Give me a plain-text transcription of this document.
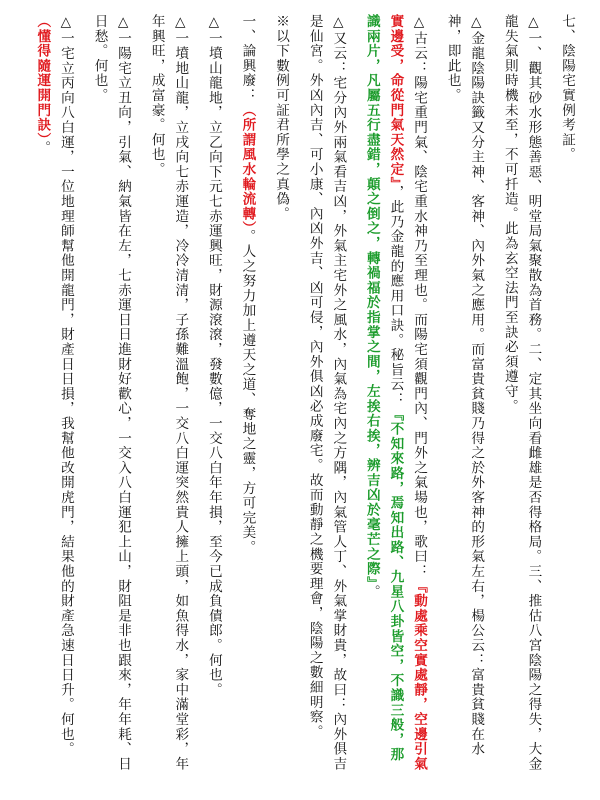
七、陰陽宅實例考証。

△一、觀其砂水形態善惡、明堂局氣聚散為首務。二、定其坐向看雌雄是否得格局。三、推估八宮陰陽之得失，大金龍失氣則時機未至，不可扦造。此為玄空法門至訣必須遵守。

△金龍陰陽訣籤又分主神、客神、內外氣之應用。而富貴貧賤乃得之於外客神的形氣左右，楊公云：富貴貧賤在水神，即此也。

△古云：陽宅重門氣、陰宅重水神乃至理也。而陽宅須觀門內、門外之氣場也，歌曰：『動處乘空實處靜，空邊引氣實邊受，命從門氣天然定』，此乃金龍的應用口訣。秘旨云：『不知來路，焉知出路、九星八卦皆空，不識三般，那識兩片，凡屬五行盡錯，顛之倒之，轉禍福於指掌之間，左挨右挨，辨吉凶於毫芒之際』。

△又云：宅分內外兩氣看吉凶，外氣主宅外之風水，內氣為宅內之方隅，內氣管人丁、外氣掌財貴，故曰：內外俱吉是仙宮。外凶內吉、可小康、內凶外吉、凶可侵，內外俱凶必成廢宅。故而動靜之機要理會，陰陽之數細明察。

※以下數例可証君所學之真偽。

一、論興廢：（所謂風水輪流轉）。人之努力加上遵天之道、奪地之靈，方可完美。

△一墳山龍地，立乙向下元七赤運興旺，財源滾滾，發數億，一交八白年年損，至今已成負債郎。何也。

△一墳地山龍，立戌向七赤運造，冷冷清清，子孫難溫飽，一交八白運突然貴人擁上頭，如魚得水，家中滿堂彩，年年興旺，成富豪。何也。

△一陽宅立丑向，引氣、納氣皆在左，七赤運日日進財好歡心，一交入八白運犯上山，財阻是非也跟來，年年耗、日日愁。何也。

△一宅立丙向八白運，一位地理師幫他開龍門，財產日日損，我幫他改開虎門，結果他的財產急速日日升。何也。（懂得隨運開門訣）。
